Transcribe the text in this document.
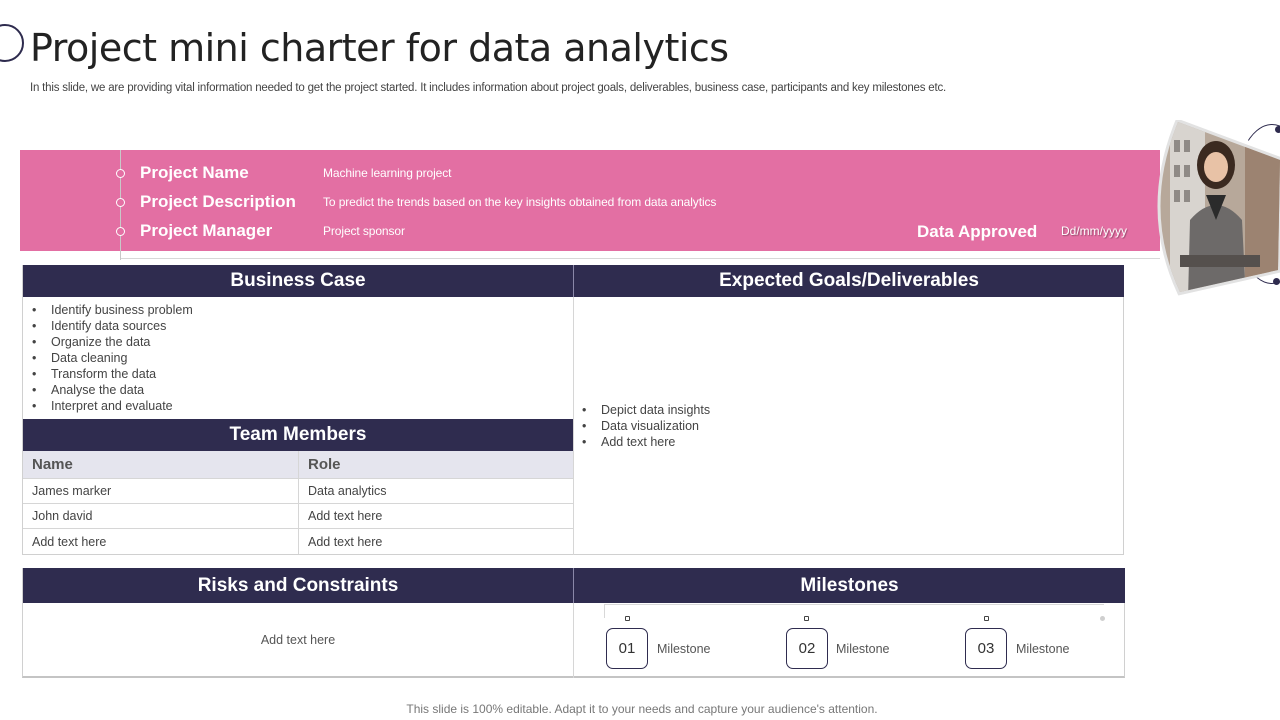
Project mini charter for data analytics

In this slide, we are providing vital information needed to get the project started. It includes information about project goals, deliverables, business case, participants and key milestones etc.

Project Name	Machine learning project
Project Description	To predict the trends based on the key insights obtained from data analytics
Project Manager	Project sponsor	Data Approved Dd/mm/yyyy
Business Case	Expected Goals/Deliverables
• Identify business problem
• Identify data sources
• Organize the data
• Data cleaning
• Transform the data
• Analyse the data
• Interpret and evaluate
•	Depict data insights
• Data visualization
• Add text here
Team Members
Name	Role
James marker	Data analytics
John david	Add text here
Add text here	Add text here
Risks and Constraints	Milestones
Add text here	01	Milestone	02	Milestone	03	Milestone

This slide is 100% editable. Adapt it to your needs and capture your audience's attention.
